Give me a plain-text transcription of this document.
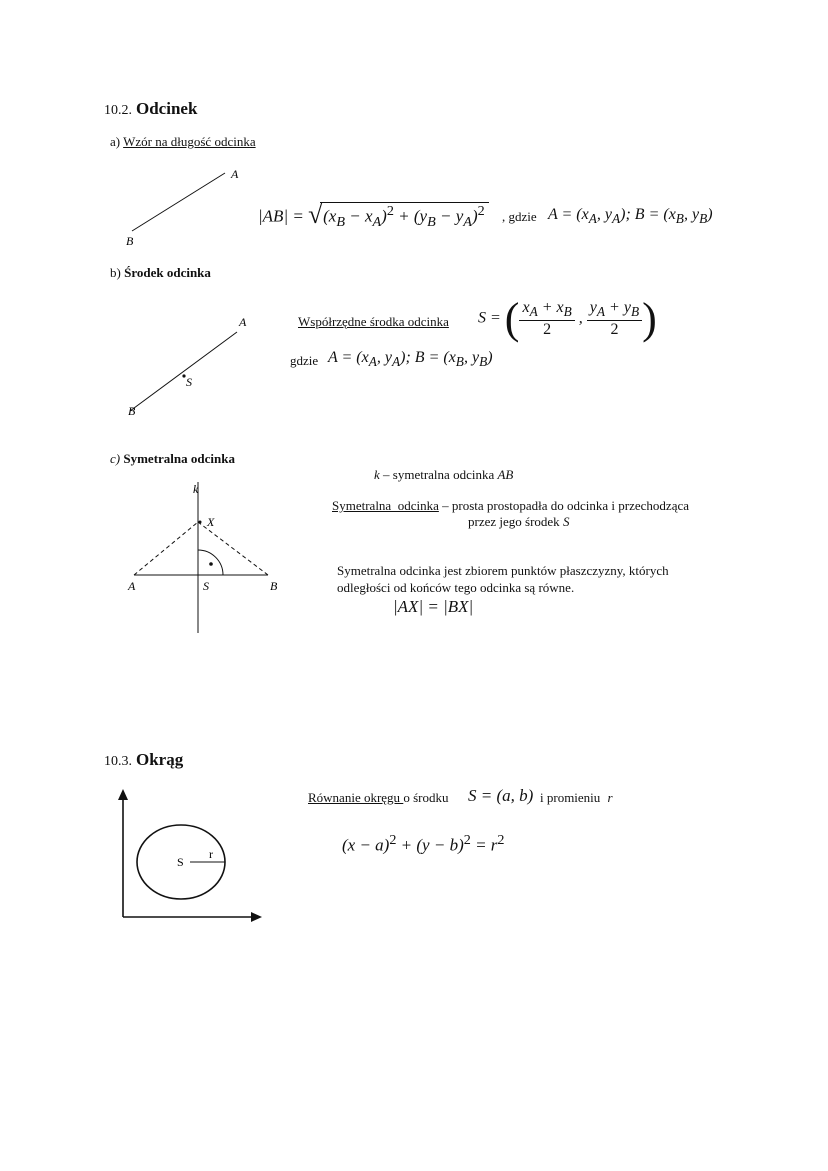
10.2. Odcinek
a) Wzór na długość odcinka
A
B
|AB| = √ $(x_B - x_A)^2 + (y_B - y_A)^2$	, gdzie $A = (x_A$, $y_A$); $B = (x_B$, $y_B$)
b) Środek odcinka
A
S
B
Współrzędne środka odcinka S = ( $\frac{x_A + x_B}{2}$ , $\frac{y_A + y_B}{2}$ )
gdzie $A = (x_A$, $y_A$); $B = (x_B$, $y_B$)
c) Symetralna odcinka
k
X
A	S	B
k – symetralna odcinka AB
Symetralna  odcinka – prosta prostopadła do odcinka i przechodząca
przez jego środek S
Symetralna odcinka jest zbiorem punktów płaszczyzny, których
odległości od końców tego odcinka są równe.
|AX| = |BX|
10.3. Okrąg
S
r
Równanie okręgu o środku S = (a, b) i promieniu r
$(x - a)^2 + (y - b)^2 = r^2$
